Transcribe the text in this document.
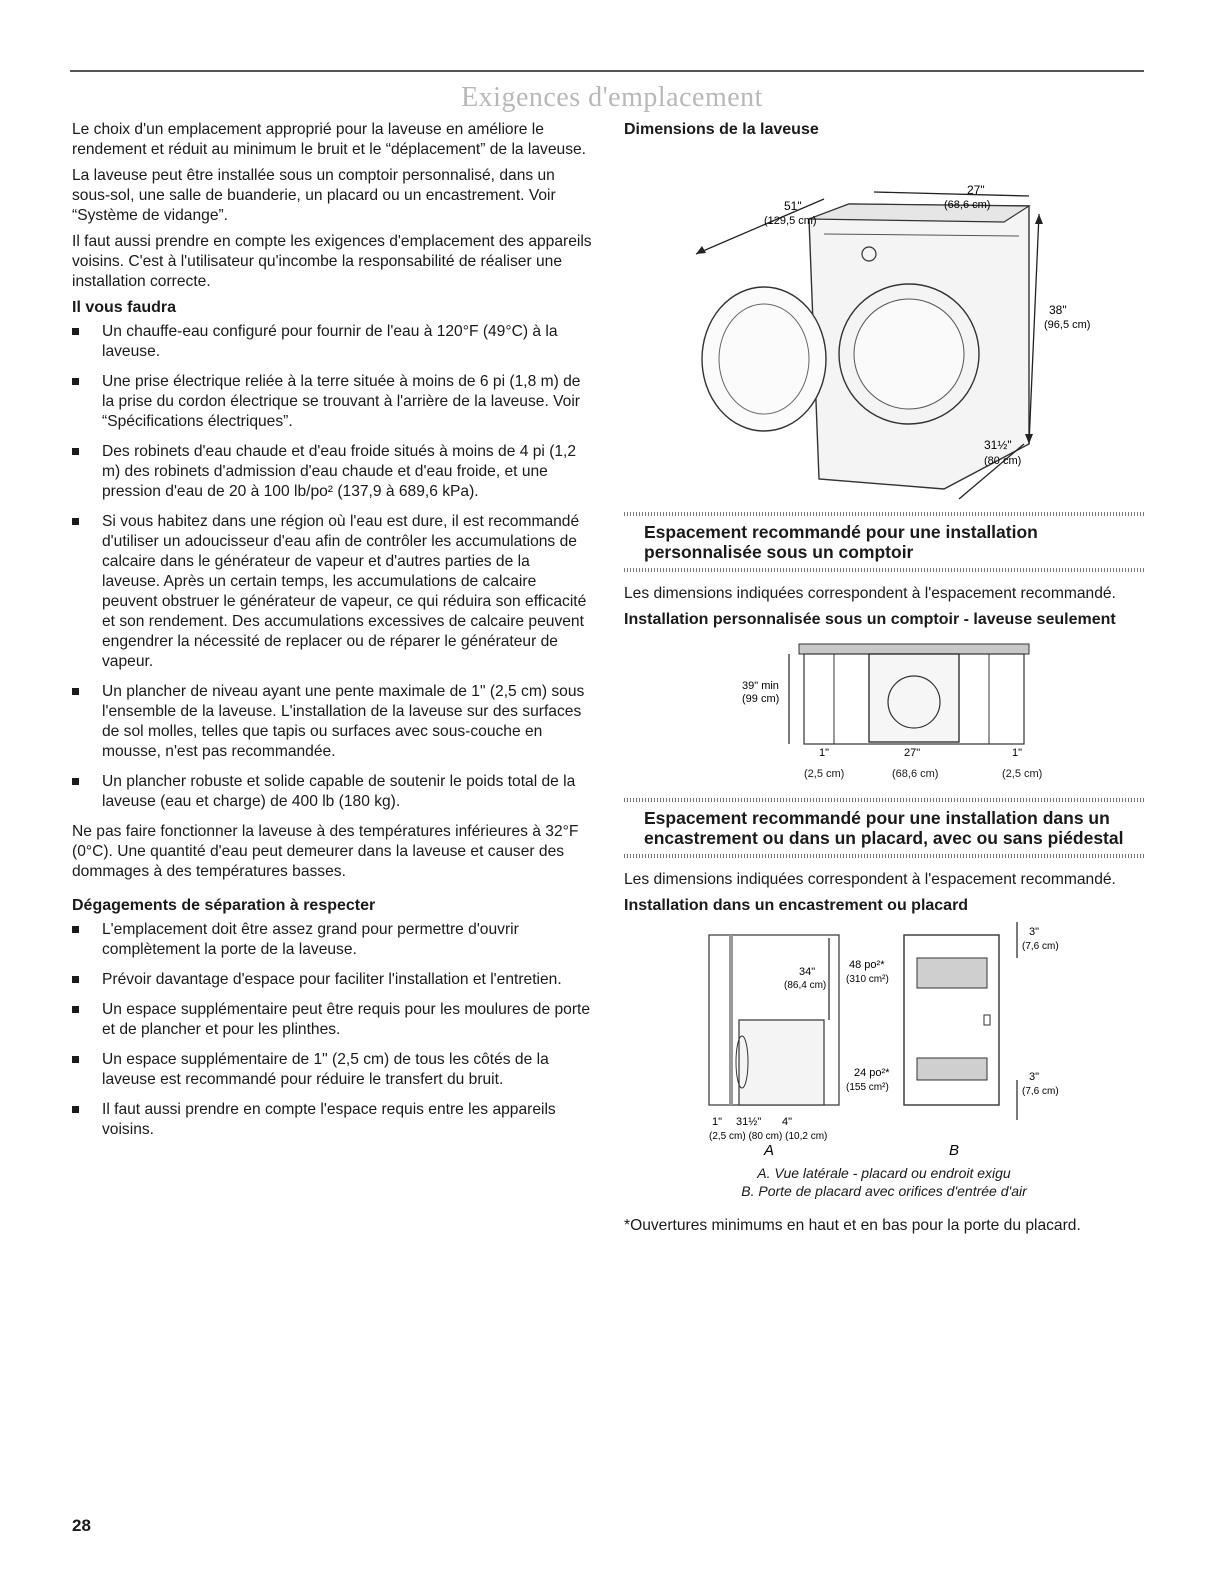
Exigences d'emplacement

Le choix d'un emplacement approprié pour la laveuse en améliore le rendement et réduit au minimum le bruit et le “déplacement” de la laveuse.

La laveuse peut être installée sous un comptoir personnalisé, dans un sous-sol, une salle de buanderie, un placard ou un encastrement. Voir “Système de vidange”.

Il faut aussi prendre en compte les exigences d'emplacement des appareils voisins. C'est à l'utilisateur qu'incombe la responsabilité de réaliser une installation correcte.

Il vous faudra
Un chauffe-eau configuré pour fournir de l'eau à 120°F (49°C) à la laveuse.
Une prise électrique reliée à la terre située à moins de 6 pi (1,8 m) de la prise du cordon électrique se trouvant à l'arrière de la laveuse. Voir “Spécifications électriques”.
Des robinets d'eau chaude et d'eau froide situés à moins de 4 pi (1,2 m) des robinets d'admission d'eau chaude et d'eau froide, et une pression d'eau de 20 à 100 lb/po² (137,9 à 689,6 kPa).
Si vous habitez dans une région où l'eau est dure, il est recommandé d'utiliser un adoucisseur d'eau afin de contrôler les accumulations de calcaire dans le générateur de vapeur et d'autres parties de la laveuse. Après un certain temps, les accumulations de calcaire peuvent obstruer le générateur de vapeur, ce qui réduira son efficacité et son rendement. Des accumulations excessives de calcaire peuvent engendrer la nécessité de replacer ou de réparer le générateur de vapeur.
Un plancher de niveau ayant une pente maximale de 1" (2,5 cm) sous l'ensemble de la laveuse. L'installation de la laveuse sur des surfaces de sol molles, telles que tapis ou surfaces avec sous-couche en mousse, n'est pas recommandée.
Un plancher robuste et solide capable de soutenir le poids total de la laveuse (eau et charge) de 400 lb (180 kg).

Ne pas faire fonctionner la laveuse à des températures inférieures à 32°F (0°C). Une quantité d'eau peut demeurer dans la laveuse et causer des dommages à des températures basses.

Dégagements de séparation à respecter
L'emplacement doit être assez grand pour permettre d'ouvrir complètement la porte de la laveuse.
Prévoir davantage d'espace pour faciliter l'installation et l'entretien.
Un espace supplémentaire peut être requis pour les moulures de porte et de plancher et pour les plinthes.
Un espace supplémentaire de 1" (2,5 cm) de tous les côtés de la laveuse est recommandé pour réduire le transfert du bruit.
Il faut aussi prendre en compte l'espace requis entre les appareils voisins.
Dimensions de la laveuse
51"
(129,5 cm)
27"
(68,6 cm)
38"
(96,5 cm)
31½"
(80 cm)
Espacement recommandé pour une installation personnalisée sous un comptoir

Les dimensions indiquées correspondent à l'espacement recommandé.

Installation personnalisée sous un comptoir - laveuse seulement
39" min
(99 cm)
1"	27"	1"
(2,5 cm)	(68,6 cm)	(2,5 cm)
Espacement recommandé pour une installation dans un encastrement ou dans un placard, avec ou sans piédestal

Les dimensions indiquées correspondent à l'espacement recommandé.

Installation dans un encastrement ou placard
34"
(86,4 cm)
48 po²*
(310 cm²)
24 po²*
(155 cm²)
1" 31½" 4"
(2,5 cm) (80 cm) (10,2 cm)
3"
(7,6 cm)
3"
(7,6 cm)
A	B
A. Vue latérale - placard ou endroit exigu
B. Porte de placard avec orifices d'entrée d'air

*Ouvertures minimums en haut et en bas pour la porte du placard.

28
